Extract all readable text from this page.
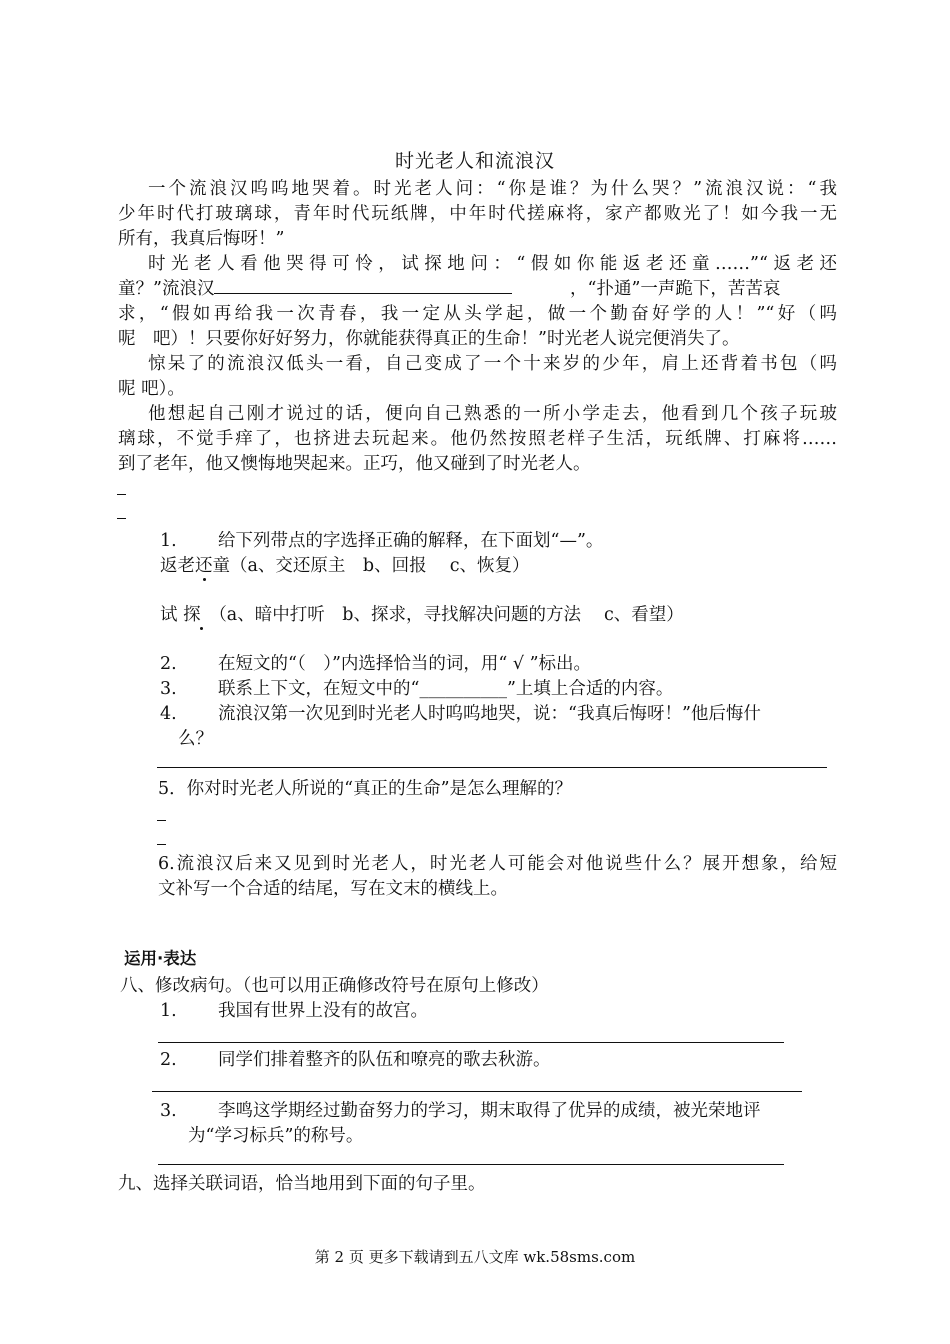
时光老人和流浪汉
一个流浪汉呜呜地哭着。时光老人问：“你是谁？为什么哭？”流浪汉说：“我
少年时代打玻璃球，青年时代玩纸牌，中年时代搓麻将，家产都败光了！如今我一无
所有，我真后悔呀！”
时光老人看他哭得可怜，试探地问：“假如你能返老还童……”“返老还
童？”流浪汉	，“扑通”一声跪下，苦苦哀
求，“假如再给我一次青春，我一定从头学起，做一个勤奋好学的人！”“好（吗
呢　吧）！只要你好好努力，你就能获得真正的生命！”时光老人说完便消失了。
惊呆了的流浪汉低头一看，自己变成了一个十来岁的少年，肩上还背着书包（吗
呢 吧）。
他想起自己刚才说过的话，便向自己熟悉的一所小学走去，他看到几个孩子玩玻
璃球，不觉手痒了，也挤进去玩起来。他仍然按照老样子生活，玩纸牌、打麻将……
到了老年，他又懊悔地哭起来。正巧，他又碰到了时光老人。
1. 给下列带点的字选择正确的解释，在下面划“—”。
返老还童（a、交还原主　b、回报　 c、恢复）
试 探　（a、暗中打听　b、探求，寻找解决问题的方法　 c、看望）
2. 在短文的“（　）”内选择恰当的词，用“ √ ”标出。
3. 联系上下文，在短文中的“__________”上填上合适的内容。
4. 流浪汉第一次见到时光老人时呜呜地哭，说：“我真后悔呀！”他后悔什
么？
5．你对时光老人所说的“真正的生命”是怎么理解的？
6.流浪汉后来又见到时光老人，时光老人可能会对他说些什么？展开想象，给短
文补写一个合适的结尾，写在文末的横线上。
运用·表达
八、修改病句。（也可以用正确修改符号在原句上修改）
1. 我国有世界上没有的故宫。
2. 同学们排着整齐的队伍和嘹亮的歌去秋游。
3. 李鸣这学期经过勤奋努力的学习，期末取得了优异的成绩，被光荣地评
为“学习标兵”的称号。
九、选择关联词语，恰当地用到下面的句子里。
第 2 页 更多下载请到五八文库 wk.58sms.com
